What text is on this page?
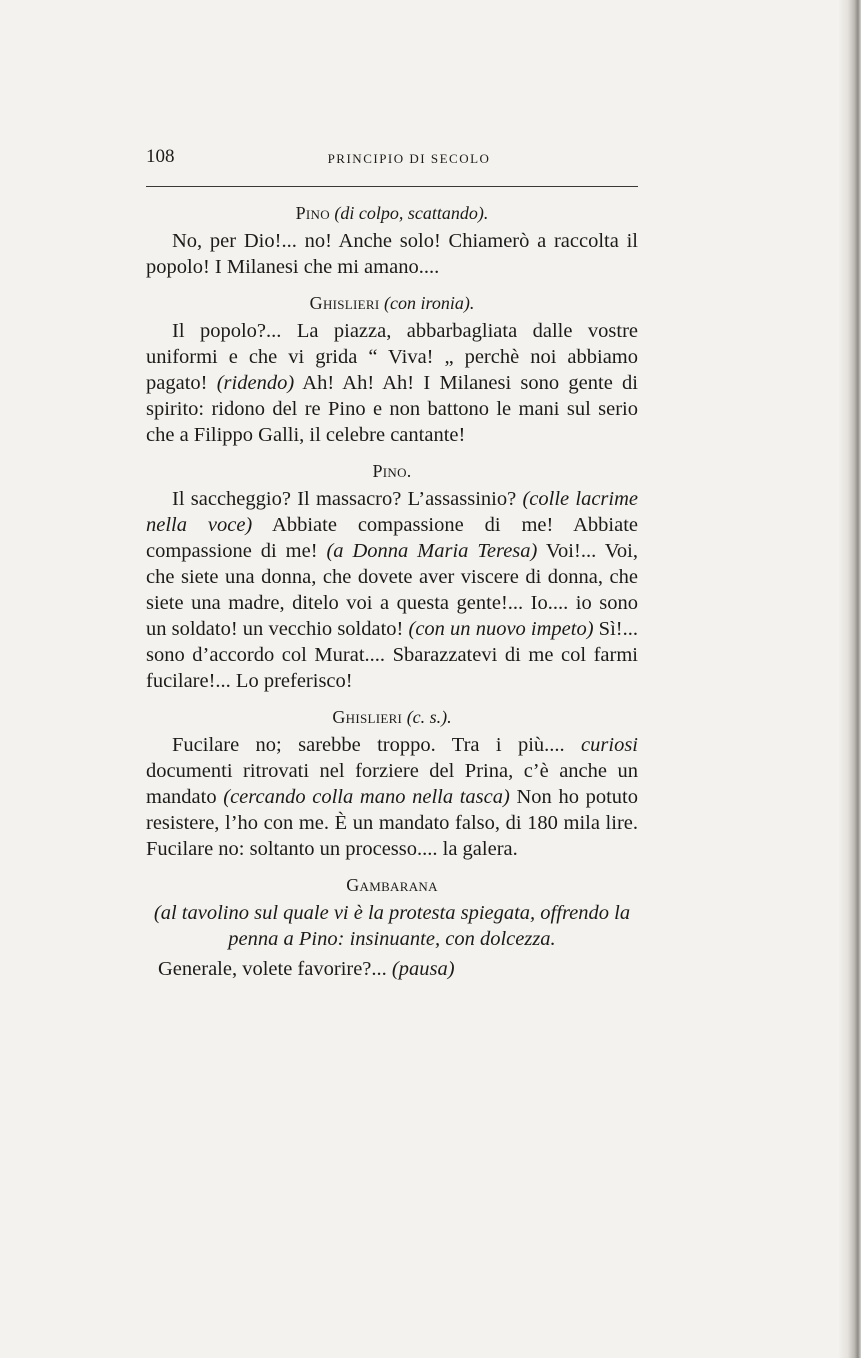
108	PRINCIPIO DI SECOLO

Pino (di colpo, scattando).

No, per Dio!... no! Anche solo! Chiamerò a raccolta il popolo! I Milanesi che mi amano....

Ghislieri (con ironia).

Il popolo?... La piazza, abbarbagliata dalle vostre uniformi e che vi grida “ Viva! „ perchè noi abbiamo pagato! (ridendo) Ah! Ah! Ah! I Milanesi sono gente di spirito: ridono del re Pino e non battono le mani sul serio che a Filippo Galli, il celebre cantante!

Pino.

Il saccheggio? Il massacro? L’assassinio? (colle lacrime nella voce) Abbiate compassione di me! Abbiate compassione di me! (a Donna Maria Teresa) Voi!... Voi, che siete una donna, che dovete aver viscere di donna, che siete una madre, ditelo voi a questa gente!... Io.... io sono un soldato! un vecchio soldato! (con un nuovo impeto) Sì!... sono d’accordo col Murat.... Sbarazzatevi di me col farmi fucilare!... Lo preferisco!

Ghislieri (c. s.).

Fucilare no; sarebbe troppo. Tra i più.... curiosi documenti ritrovati nel forziere del Prina, c’è anche un mandato (cercando colla mano nella tasca) Non ho potuto resistere, l’ho con me. È un mandato falso, di 180 mila lire. Fucilare no: soltanto un processo.... la galera.

Gambarana

(al tavolino sul quale vi è la protesta spiegata, offrendo la penna a Pino: insinuante, con dolcezza.

Generale, volete favorire?... (pausa)
